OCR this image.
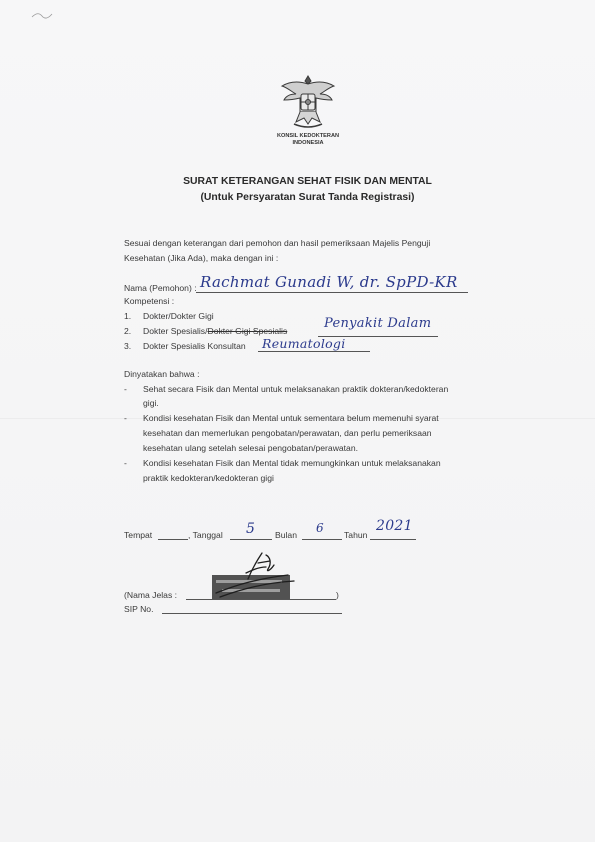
KONSIL KEDOKTERAN
INDONESIA
SURAT KETERANGAN SEHAT FISIK DAN MENTAL
(Untuk Persyaratan Surat Tanda Registrasi)
Sesuai dengan keterangan dari pemohon dan hasil pemeriksaan Majelis Penguji
Kesehatan (Jika Ada), maka dengan ini :
Nama (Pemohon) : Rachmat Gunadi W, dr. SpPD-KR
Kompetensi :
1. Dokter/Dokter Gigi
2. Dokter Spesialis/Dokter Gigi Spesialis	Penyakit Dalam
3. Dokter Spesialis Konsultan Reumatologi
Dinyatakan bahwa :
- Sehat secara Fisik dan Mental untuk melaksanakan praktik dokteran/kedokteran
gigi.
- Kondisi kesehatan Fisik dan Mental untuk sementara belum memenuhi syarat
kesehatan dan memerlukan pengobatan/perawatan, dan perlu pemeriksaan
kesehatan ulang setelah selesai pengobatan/perawatan.
- Kondisi kesehatan Fisik dan Mental tidak memungkinkan untuk melaksanakan
praktik kedokteran/kedokteran gigi
Tempat	, Tanggal 5 Bulan 6 Tahun
2021
(Nama Jelas :	)
SIP No.
